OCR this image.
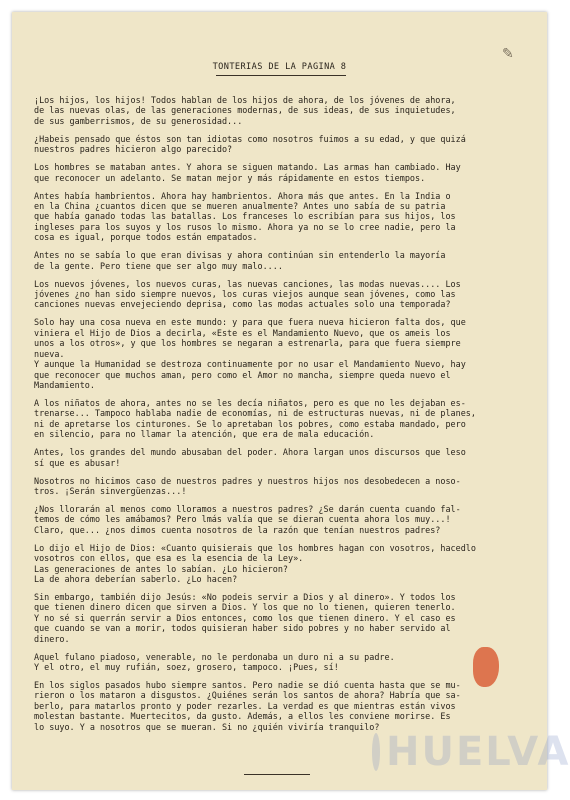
✎
TONTERIAS DE LA PAGINA 8

¡Los hijos, los hijos! Todos hablan de los hijos de ahora, de los jóvenes de ahora,
de las nuevas olas, de las generaciones modernas, de sus ideas, de sus inquietudes,
de sus gamberrismos, de su generosidad...

¿Habeis pensado que éstos son tan idiotas como nosotros fuimos a su edad, y que quizá
nuestros padres hicieron algo parecido?

Los hombres se mataban antes. Y ahora se siguen matando. Las armas han cambiado. Hay
que reconocer un adelanto. Se matan mejor y más rápidamente en estos tiempos.

Antes había hambrientos. Ahora hay hambrientos. Ahora más que antes. En la India o
en la China ¿cuantos dicen que se mueren anualmente? Antes uno sabía de su patria
que había ganado todas las batallas. Los franceses lo escribían para sus hijos, los
ingleses para los suyos y los rusos lo mismo. Ahora ya no se lo cree nadie, pero la
cosa es igual, porque todos están empatados.

Antes no se sabía lo que eran divisas y ahora continúan sin entenderlo la mayoría
de la gente. Pero tiene que ser algo muy malo....

Los nuevos jóvenes, los nuevos curas, las nuevas canciones, las modas nuevas.... Los
jóvenes ¿no han sido siempre nuevos, los curas viejos aunque sean jóvenes, como las
canciones nuevas envejeciendo deprisa, como las modas actuales solo una temporada?

Solo hay una cosa nueva en este mundo: y para que fuera nueva hicieron falta dos, que
viniera el Hijo de Dios a decirla, «Este es el Mandamiento Nuevo, que os ameis los
unos a los otros», y que los hombres se negaran a estrenarla, para que fuera siempre
nueva.
Y aunque la Humanidad se destroza continuamente por no usar el Mandamiento Nuevo, hay
que reconocer que muchos aman, pero como el Amor no mancha, siempre queda nuevo el
Mandamiento.

A los niñatos de ahora, antes no se les decía niñatos, pero es que no les dejaban es-
trenarse... Tampoco hablaba nadie de economías, ni de estructuras nuevas, ni de planes,
ni de apretarse los cinturones. Se lo apretaban los pobres, como estaba mandado, pero
en silencio, para no llamar la atención, que era de mala educación.

Antes, los grandes del mundo abusaban del poder. Ahora largan unos discursos que leso
sí que es abusar!

Nosotros no hicimos caso de nuestros padres y nuestros hijos nos desobedecen a noso-
tros. ¡Serán sinvergüenzas...!

¿Nos llorarán al menos como lloramos a nuestros padres? ¿Se darán cuenta cuando fal-
temos de cómo les amábamos? Pero lmás valía que se dieran cuenta ahora los muy...!
Claro, que... ¿nos dimos cuenta nosotros de la razón que tenían nuestros padres?

Lo dijo el Hijo de Dios: «Cuanto quisierais que los hombres hagan con vosotros, hacedlo
vosotros con ellos, que esa es la esencia de la Ley».
Las generaciones de antes lo sabían. ¿Lo hicieron?
La de ahora deberían saberlo. ¿Lo hacen?

Sin embargo, también dijo Jesús: «No podeis servir a Dios y al dinero». Y todos los
que tienen dinero dicen que sirven a Dios. Y los que no lo tienen, quieren tenerlo.
Y no sé si querrán servir a Dios entonces, como los que tienen dinero. Y el caso es
que cuando se van a morir, todos quisieran haber sido pobres y no haber servido al
dinero.

Aquel fulano piadoso, venerable, no le perdonaba un duro ni a su padre.
Y el otro, el muy rufián, soez, grosero, tampoco. ¡Pues, sí!

En los siglos pasados hubo siempre santos. Pero nadie se dió cuenta hasta que se mu-
rieron o los mataron a disgustos. ¿Quiénes serán los santos de ahora? Habría que sa-
berlo, para matarlos pronto y poder rezarles. La verdad es que mientras están vivos
molestan bastante. Muertecitos, da gusto. Además, a ellos les conviene morirse. Es
lo suyo. Y a nosotros que se mueran. Si no ¿quién viviría tranquilo?

HUELVA
